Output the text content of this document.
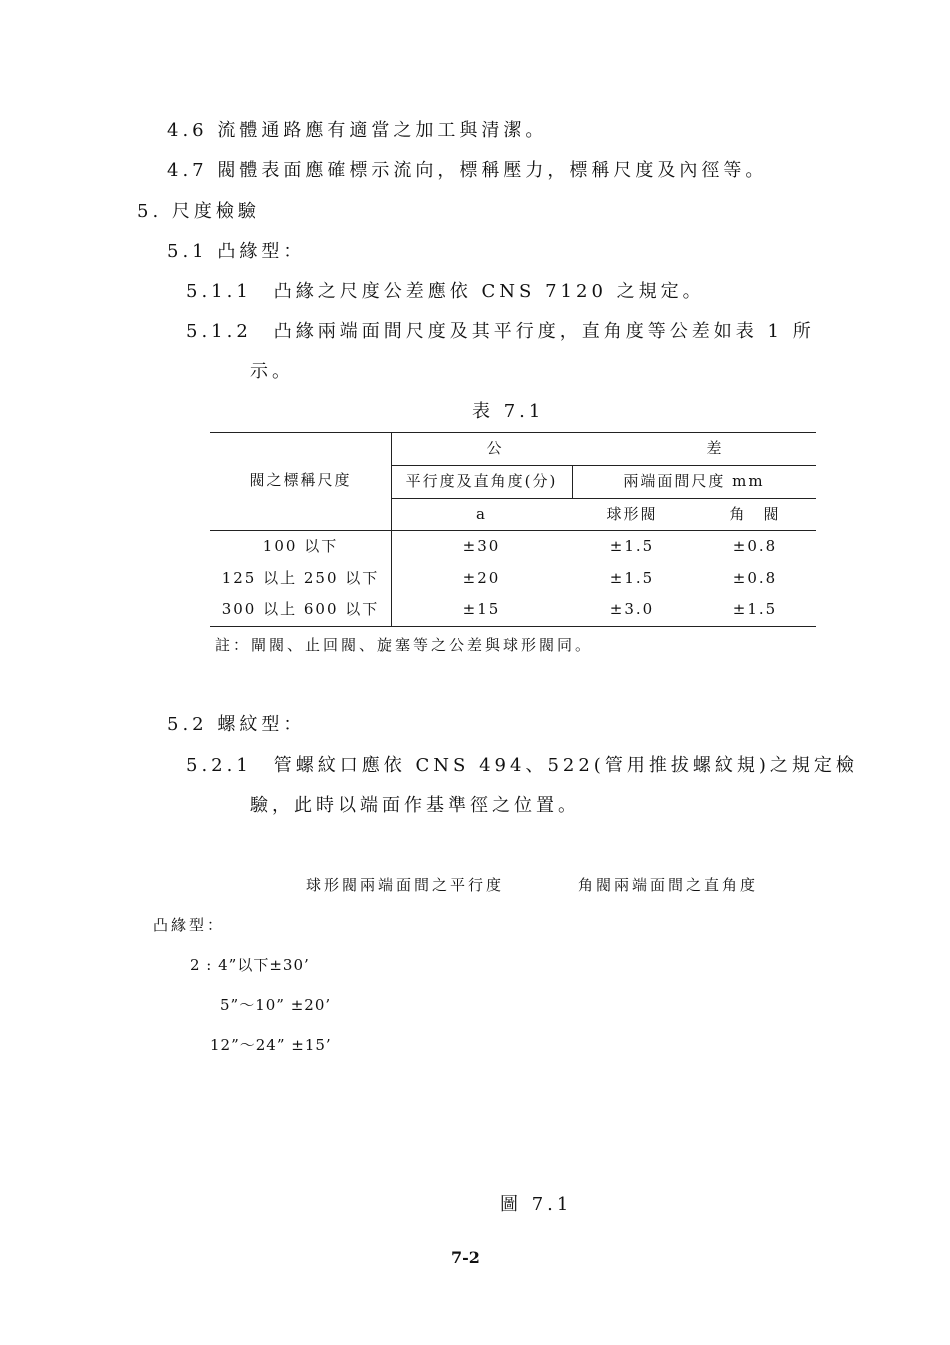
4.6 流體通路應有適當之加工與清潔。
4.7 閥體表面應確標示流向，標稱壓力，標稱尺度及內徑等。
5. 尺度檢驗
5.1 凸緣型：
5.1.1　凸緣之尺度公差應依 CNS 7120 之規定。
5.1.2　凸緣兩端面間尺度及其平行度，直角度等公差如表 1 所
示。
表 7.1
公	差
閥之標稱尺度	平行度及直角度(分)	兩端面間尺度 mm
a	球形閥	角　閥
100 以下	±30	±1.5	±0.8
125 以上 250 以下	±20	±1.5	±0.8
300 以上 600 以下	±15	±3.0	±1.5
註：閘閥、止回閥、旋塞等之公差與球形閥同。
5.2 螺紋型：
5.2.1　管螺紋口應依 CNS 494、522(管用推拔螺紋規)之規定檢
驗，此時以端面作基準徑之位置。
球形閥兩端面間之平行度	角閥兩端面間之直角度
凸緣型：
2 : 4”以下±30’
5”～10” ±20’
12”～24” ±15’
圖 7.1
7-2
